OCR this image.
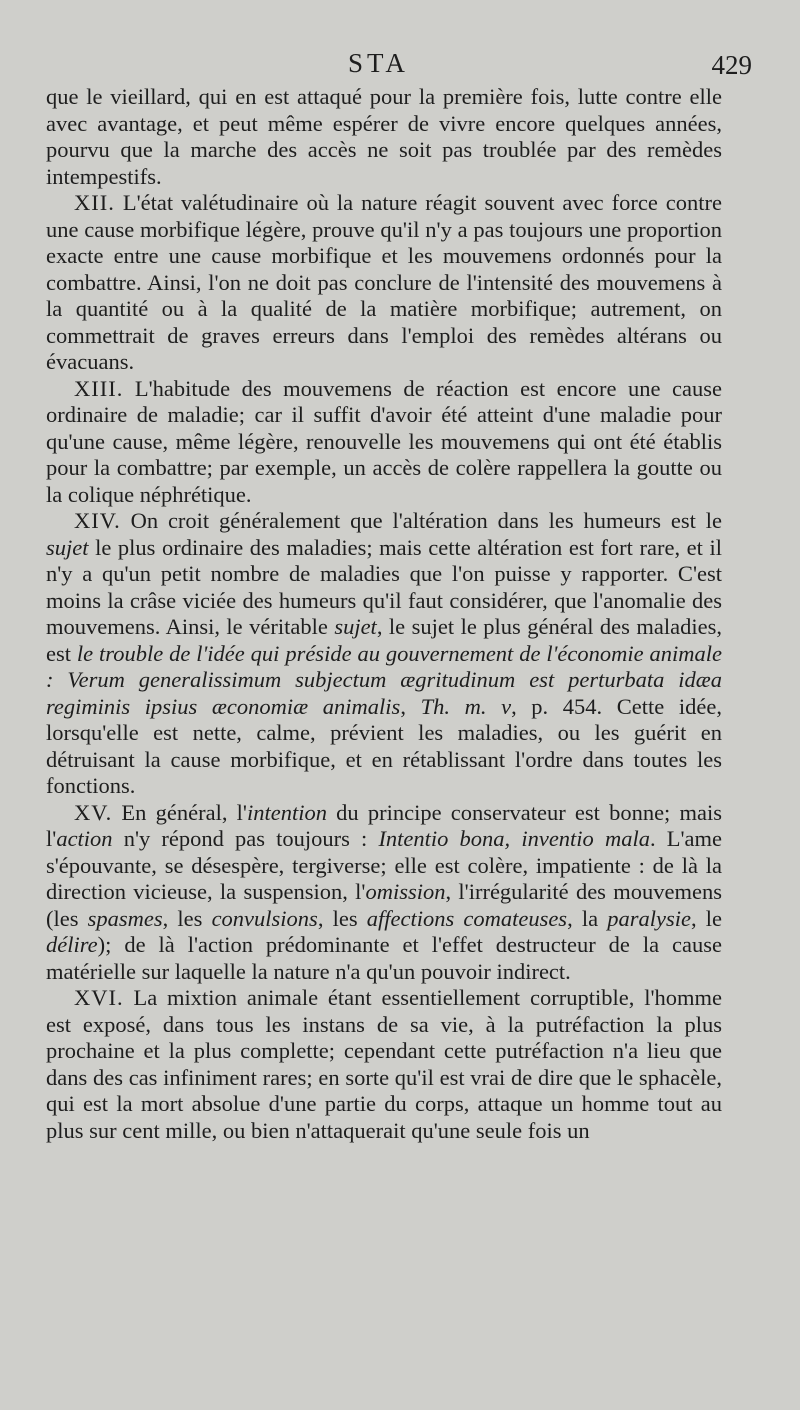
STA	429

que le vieillard, qui en est attaqué pour la première fois, lutte contre elle avec avantage, et peut même espérer de vivre encore quelques années, pourvu que la marche des accès ne soit pas troublée par des remèdes intempestifs.

XII. L'état valétudinaire où la nature réagit souvent avec force contre une cause morbifique légère, prouve qu'il n'y a pas toujours une proportion exacte entre une cause morbifique et les mouvemens ordonnés pour la combattre. Ainsi, l'on ne doit pas conclure de l'intensité des mouvemens à la quantité ou à la qualité de la matière morbifique; autrement, on commettrait de graves erreurs dans l'emploi des remèdes altérans ou évacuans.

XIII. L'habitude des mouvemens de réaction est encore une cause ordinaire de maladie; car il suffit d'avoir été atteint d'une maladie pour qu'une cause, même légère, renouvelle les mouvemens qui ont été établis pour la combattre; par exemple, un accès de colère rappellera la goutte ou la colique néphrétique.

XIV. On croit généralement que l'altération dans les humeurs est le sujet le plus ordinaire des maladies; mais cette altération est fort rare, et il n'y a qu'un petit nombre de maladies que l'on puisse y rapporter. C'est moins la crâse viciée des humeurs qu'il faut considérer, que l'anomalie des mouvemens. Ainsi, le véritable sujet, le sujet le plus général des maladies, est le trouble de l'idée qui préside au gouvernement de l'économie animale : Verum generalissimum subjectum ægritudinum est perturbata idæa regiminis ipsius æconomiæ animalis, Th. m. v, p. 454. Cette idée, lorsqu'elle est nette, calme, prévient les maladies, ou les guérit en détruisant la cause morbifique, et en rétablissant l'ordre dans toutes les fonctions.

XV. En général, l'intention du principe conservateur est bonne; mais l'action n'y répond pas toujours : Intentio bona, inventio mala. L'ame s'épouvante, se désespère, tergiverse; elle est colère, impatiente : de là la direction vicieuse, la suspension, l'omission, l'irrégularité des mouvemens (les spasmes, les convulsions, les affections comateuses, la paralysie, le délire); de là l'action prédominante et l'effet destructeur de la cause matérielle sur laquelle la nature n'a qu'un pouvoir indirect.

XVI. La mixtion animale étant essentiellement corruptible, l'homme est exposé, dans tous les instans de sa vie, à la putréfaction la plus prochaine et la plus complette; cependant cette putréfaction n'a lieu que dans des cas infiniment rares; en sorte qu'il est vrai de dire que le sphacèle, qui est la mort absolue d'une partie du corps, attaque un homme tout au plus sur cent mille, ou bien n'attaquerait qu'une seule fois un
